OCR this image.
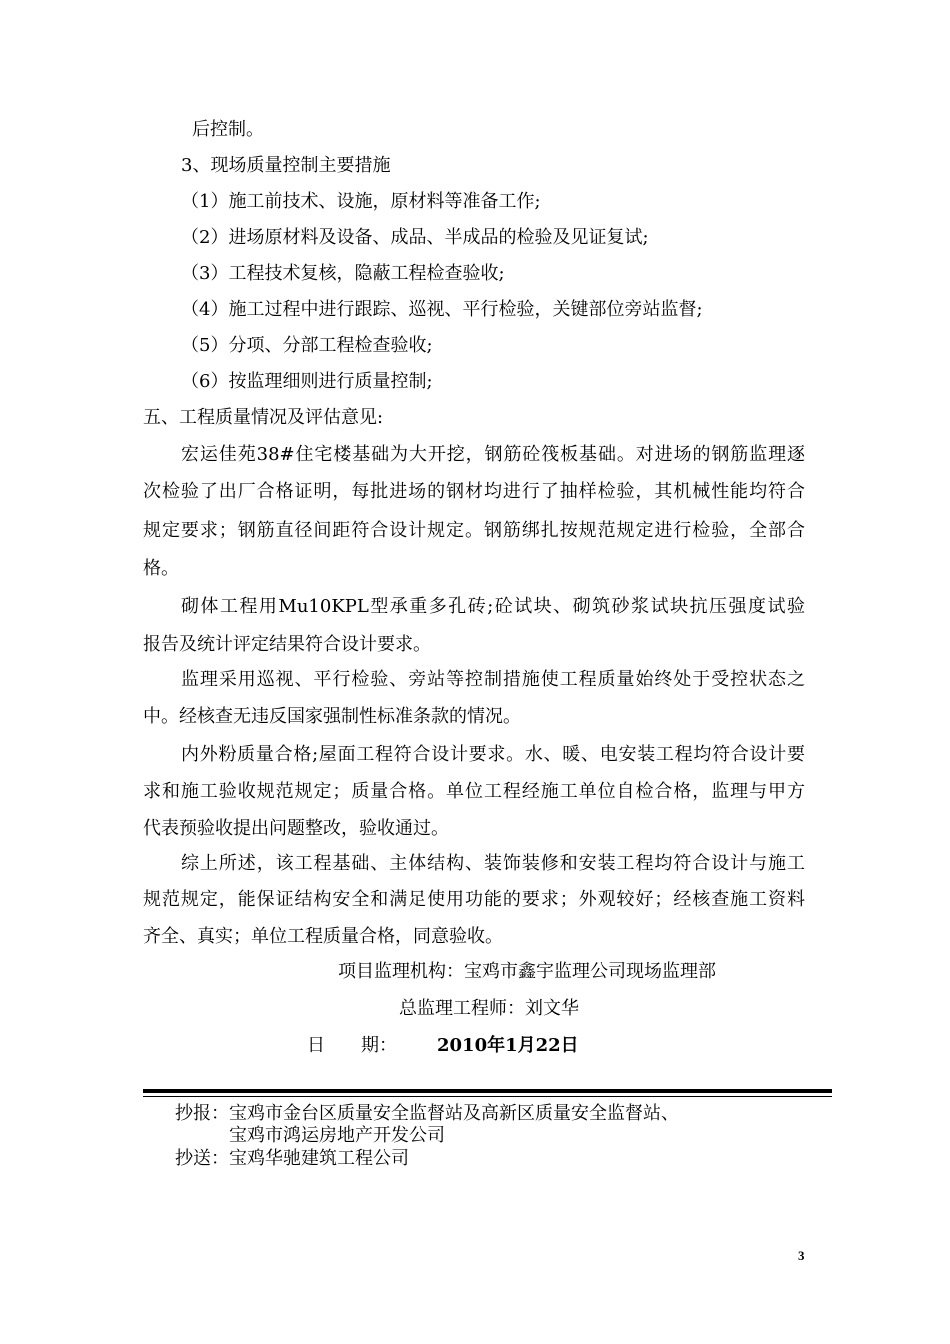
后控制。
3、现场质量控制主要措施
（1）施工前技术、设施，原材料等准备工作;
（2）进场原材料及设备、成品、半成品的检验及见证复试;
（3）工程技术复核，隐蔽工程检查验收;
（4）施工过程中进行跟踪、巡视、平行检验，关键部位旁站监督;
（5）分项、分部工程检查验收;
（6）按监理细则进行质量控制;
五、工程质量情况及评估意见:
宏运佳苑38#住宅楼基础为大开挖，钢筋砼筏板基础。对进场的钢筋监理逐
次检验了出厂合格证明，每批进场的钢材均进行了抽样检验，其机械性能均符合
规定要求；钢筋直径间距符合设计规定。钢筋绑扎按规范规定进行检验，全部合
格。
砌体工程用Mu10KPL型承重多孔砖;砼试块、砌筑砂浆试块抗压强度试验
报告及统计评定结果符合设计要求。
监理采用巡视、平行检验、旁站等控制措施使工程质量始终处于受控状态之
中。经核查无违反国家强制性标准条款的情况。
内外粉质量合格;屋面工程符合设计要求。水、暖、电安装工程均符合设计要
求和施工验收规范规定；质量合格。单位工程经施工单位自检合格，监理与甲方
代表预验收提出问题整改，验收通过。
综上所述，该工程基础、主体结构、装饰装修和安装工程均符合设计与施工
规范规定，能保证结构安全和满足使用功能的要求；外观较好；经核查施工资料
齐全、真实；单位工程质量合格，同意验收。
项目监理机构：宝鸡市鑫宇监理公司现场监理部
总监理工程师：刘文华
日　　期： 2010年1月22日
抄报： 宝鸡市金台区质量安全监督站及高新区质量安全监督站、
宝鸡市鸿运房地产开发公司
抄送： 宝鸡华驰建筑工程公司
3
